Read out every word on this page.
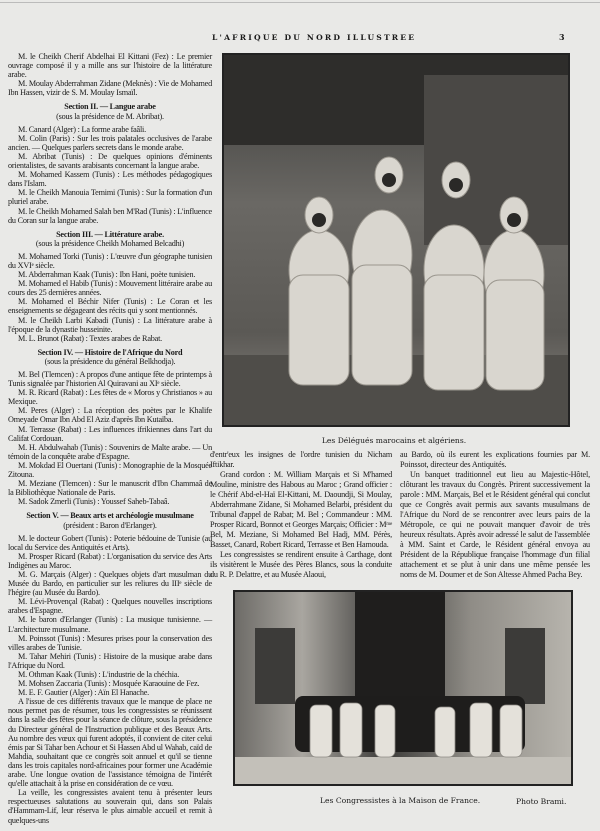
L'AFRIQUE DU NORD ILLUSTREE	3

M. le Cheikh Cherif Abdelhai El Kittani (Fez) : Le premier ouvrage composé il y a mille ans sur l'histoire de la littérature arabe.

M. Moulay Abderrahman Zidane (Meknès) : Vie de Mohamed Ibn Hassen, vizir de S. M. Moulay Ismaïl.

Section II. — Langue arabe
(sous la présidence de M. Abribat).

M. Canard (Alger) : La forme arabe faâli.

M. Colin (Paris) : Sur les trois palatales occlusives de l'arabe ancien. — Quelques parlers secrets dans le monde arabe.

M. Abribat (Tunis) : De quelques opinions d'éminents orientalistes, de savants arabisants concernant la langue arabe.

M. Mohamed Kassem (Tunis) : Les méthodes pédagogiques dans l'Islam.

M. le Cheikh Manouia Temimi (Tunis) : Sur la formation d'un pluriel arabe.

M. le Cheikh Mohamed Salah ben M'Rad (Tunis) : L'influence du Coran sur la langue arabe.

Section III. — Littérature arabe.
(sous la présidence Cheikh Mohamed Belcadhi)

M. Mohamed Torki (Tunis) : L'œuvre d'un géographe tunisien du XVIᵉ siècle.

M. Abderrahman Kaak (Tunis) : Ibn Hani, poète tunisien.

M. Mohamed el Habib (Tunis) : Mouvement littéraire arabe au cours des 25 dernières années.

M. Mohamed el Béchir Nifer (Tunis) : Le Coran et les enseignements se dégageant des récits qui y sont mentionnés.

M. le Cheikh Larbi Kabadi (Tunis) : La littérature arabe à l'époque de la dynastie husseinite.

M. L. Brunot (Rabat) : Textes arabes de Rabat.

Section IV. — Histoire de l'Afrique du Nord
(sous la présidence du général Belkhodja).

M. Bel (Tlemcen) : A propos d'une antique fête de printemps à Tunis signalée par l'historien Al Quiravani au XIᵉ siècle.

M. R. Ricard (Rabat) : Les fêtes de « Moros y Christianos » au Mexique.

M. Peres (Alger) : La réception des poètes par le Khalife Omeyade Omar Ibn Abd El Aziz d'après Ibn Kutaïba.

M. Terrasse (Rabat) : Les influences ifrikiennes dans l'art du Califat Cordouan.

M. H. Abdulwahab (Tunis) : Souvenirs de Malte arabe. — Un témoin de la conquête arabe d'Espagne.

M. Mokdad El Ouertani (Tunis) : Monographie de la Mosquée Zitouna.

M. Meziane (Tlemcen) : Sur le manuscrit d'Ibn Chammaâ de la Bibliothèque Nationale de Paris.

M. Sadok Zmerli (Tunis) : Youssef Saheb-Tabaâ.

Section V. — Beaux arts et archéologie musulmane
(président : Baron d'Erlanger).

M. le docteur Gobert (Tunis) : Poterie bédouine de Tunisie (au local du Service des Antiquités et Arts).

M. Prosper Ricard (Rabat) : L'organisation du service des Arts Indigènes au Maroc.

M. G. Marçais (Alger) : Quelques objets d'art musulman du Musée du Bardo, en particulier sur les reliures du IIIᵉ siècle de l'hégire (au Musée du Bardo).

M. Lévi-Provençal (Rabat) : Quelques nouvelles inscriptions arabes d'Espagne.

M. le baron d'Erlanger (Tunis) : La musique tunisienne. — L'architecture musulmane.

M. Poinssot (Tunis) : Mesures prises pour la conservation des villes arabes de Tunisie.

M. Tahar Mehiri (Tunis) : Histoire de la musique arabe dans l'Afrique du Nord.

M. Othman Kaak (Tunis) : L'industrie de la chéchia.

M. Mohsen Zaccaria (Tunis) : Mosquée Karaouine de Fez.

M. E. F. Gautier (Alger) : Aïn El Hanache.

A l'issue de ces différents travaux que le manque de place ne nous permet pas de résumer, tous les congressistes se réunissent dans la salle des fêtes pour la séance de clôture, sous la présidence du Directeur général de l'Instruction publique et des Beaux Arts. Au nombre des vœux qui furent adoptés, il convient de citer celui émis par Si Tahar ben Achour et Si Hassen Abd ul Wahab, caïd de Mahdia, souhaitant que ce congrès soit annuel et qu'il se tienne dans les trois capitales nord-africaines pour former une Académie arabe. Une longue ovation de l'assistance témoigna de l'intérêt qu'elle attachait à la prise en considération de ce vœu.

La veille, les congressistes avaient tenu à présenter leurs respectueuses salutations au souverain qui, dans son Palais d'Hammam-Lif, leur réserva le plus aimable accueil et remit à quelques-uns

Les Délégués marocains et algériens.

d'entr'eux les insignes de l'ordre tunisien du Nicham Iftikhar.

Grand cordon : M. William Marçais et Si M'hamed Mouline, ministre des Habous au Maroc ; Grand officier : le Chérif Abd-el-Haï El-Kittani, M. Daoundji, Si Moulay, Abderrahmane Zidane, Si Mohamed Belarbi, président du Tribunal d'appel de Rabat; M. Bel ; Commandeur : MM. Prosper Ricard, Bonnot et Georges Marçais; Officier : Mᵐᵉ Bel, M. Meziane, Si Mohamed Bel Hadj, MM. Pérès, Basset, Canard, Robert Ricard, Terrasse et Ben Hamouda.

Les congressistes se rendirent ensuite à Carthage, dont ils visitèrent le Musée des Pères Blancs, sous la conduite du R. P. Delattre, et au Musée Alaoui,

au Bardo, où ils eurent les explications fournies par M. Poinssot, directeur des Antiquités.

Un banquet traditionnel eut lieu au Majestic-Hôtel, clôturant les travaux du Congrès. Prirent successivement la parole : MM. Marçais, Bel et le Résident général qui conclut que ce Congrès avait permis aux savants musulmans de l'Afrique du Nord de se rencontrer avec leurs pairs de la Métropole, ce qui ne pouvait manquer d'avoir de très heureux résultats. Après avoir adressé le salut de l'assemblée à MM. Saint et Carde, le Résident général envoya au Président de la République française l'hommage d'un filial attachement et se plut à unir dans une même pensée les noms de M. Doumer et de Son Altesse Ahmed Pacha Bey.

Les Congressistes à la Maison de France.	Photo Brami.
